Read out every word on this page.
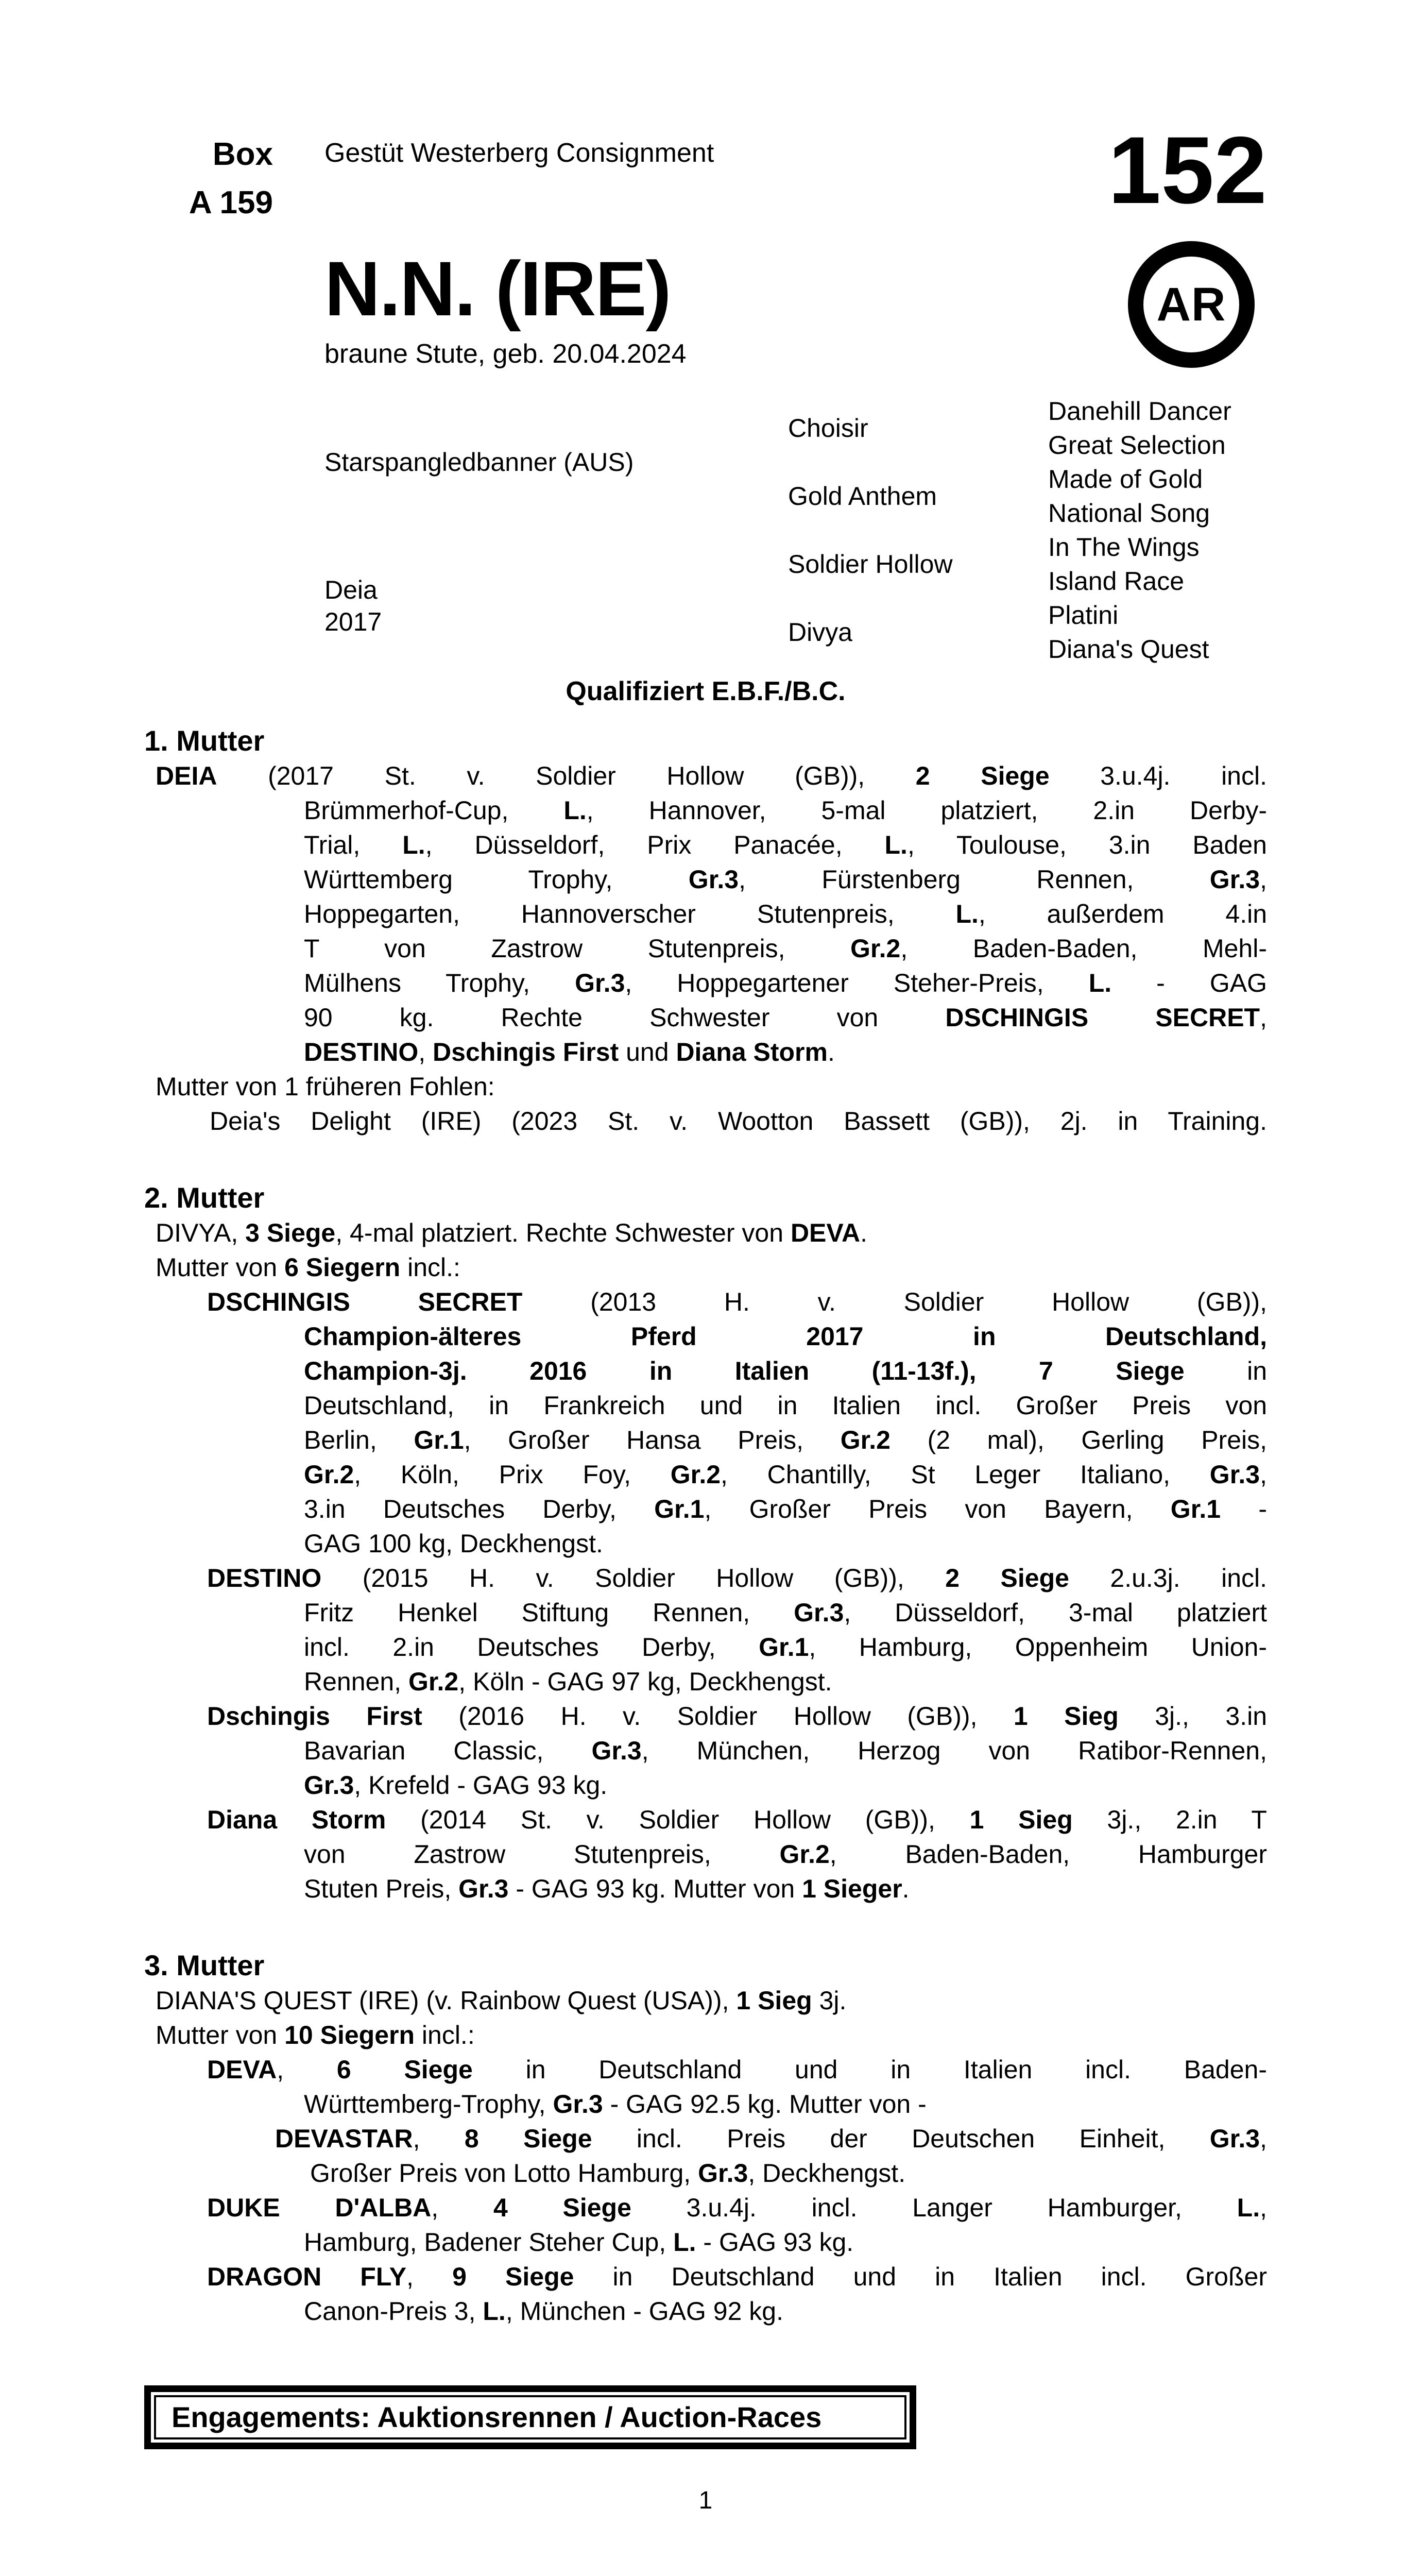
Box
A 159
Gestüt Westerberg Consignment
N.N. (IRE)
braune Stute, geb. 20.04.2024
152
AR
Starspangledbanner (AUS)
Deia
2017
Choisir
Gold Anthem
Soldier Hollow
Divya
Danehill Dancer
Great Selection
Made of Gold
National Song
In The Wings
Island Race
Platini
Diana's Quest
Qualifiziert E.B.F./B.C.
1. Mutter
DEIA (2017 St. v. Soldier Hollow (GB)), 2 Siege 3.u.4j. incl.
Brümmerhof-Cup, L., Hannover, 5-mal platziert, 2.in Derby-
Trial, L., Düsseldorf, Prix Panacée, L., Toulouse, 3.in Baden
Württemberg Trophy, Gr.3, Fürstenberg Rennen, Gr.3,
Hoppegarten, Hannoverscher Stutenpreis, L., außerdem 4.in
T von Zastrow Stutenpreis, Gr.2, Baden-Baden, Mehl-
Mülhens Trophy, Gr.3, Hoppegartener Steher-Preis, L. - GAG
90 kg. Rechte Schwester von DSCHINGIS SECRET,
DESTINO, Dschingis First und Diana Storm.
Mutter von 1 früheren Fohlen:
Deia's Delight (IRE) (2023 St. v. Wootton Bassett (GB)), 2j. in Training.
2. Mutter
DIVYA, 3 Siege, 4-mal platziert. Rechte Schwester von DEVA.
Mutter von 6 Siegern incl.:
DSCHINGIS SECRET (2013 H. v. Soldier Hollow (GB)),
Champion-älteres Pferd 2017 in Deutschland,
Champion-3j. 2016 in Italien (11-13f.), 7 Siege in
Deutschland, in Frankreich und in Italien incl. Großer Preis von
Berlin, Gr.1, Großer Hansa Preis, Gr.2 (2 mal), Gerling Preis,
Gr.2, Köln, Prix Foy, Gr.2, Chantilly, St Leger Italiano, Gr.3,
3.in Deutsches Derby, Gr.1, Großer Preis von Bayern, Gr.1 -
GAG 100 kg, Deckhengst.
DESTINO (2015 H. v. Soldier Hollow (GB)), 2 Siege 2.u.3j. incl.
Fritz Henkel Stiftung Rennen, Gr.3, Düsseldorf, 3-mal platziert
incl. 2.in Deutsches Derby, Gr.1, Hamburg, Oppenheim Union-
Rennen, Gr.2, Köln - GAG 97 kg, Deckhengst.
Dschingis First (2016 H. v. Soldier Hollow (GB)), 1 Sieg 3j., 3.in
Bavarian Classic, Gr.3, München, Herzog von Ratibor-Rennen,
Gr.3, Krefeld - GAG 93 kg.
Diana Storm (2014 St. v. Soldier Hollow (GB)), 1 Sieg 3j., 2.in T
von Zastrow Stutenpreis, Gr.2, Baden-Baden, Hamburger
Stuten Preis, Gr.3 - GAG 93 kg. Mutter von 1 Sieger.
3. Mutter
DIANA'S QUEST (IRE) (v. Rainbow Quest (USA)), 1 Sieg 3j.
Mutter von 10 Siegern incl.:
DEVA, 6 Siege in Deutschland und in Italien incl. Baden-
Württemberg-Trophy, Gr.3 - GAG 92.5 kg. Mutter von -
DEVASTAR, 8 Siege incl. Preis der Deutschen Einheit, Gr.3,
Großer Preis von Lotto Hamburg, Gr.3, Deckhengst.
DUKE D'ALBA, 4 Siege 3.u.4j. incl. Langer Hamburger, L.,
Hamburg, Badener Steher Cup, L. - GAG 93 kg.
DRAGON FLY, 9 Siege in Deutschland und in Italien incl. Großer
Canon-Preis 3, L., München - GAG 92 kg.
Engagements: Auktionsrennen / Auction-Races
1
